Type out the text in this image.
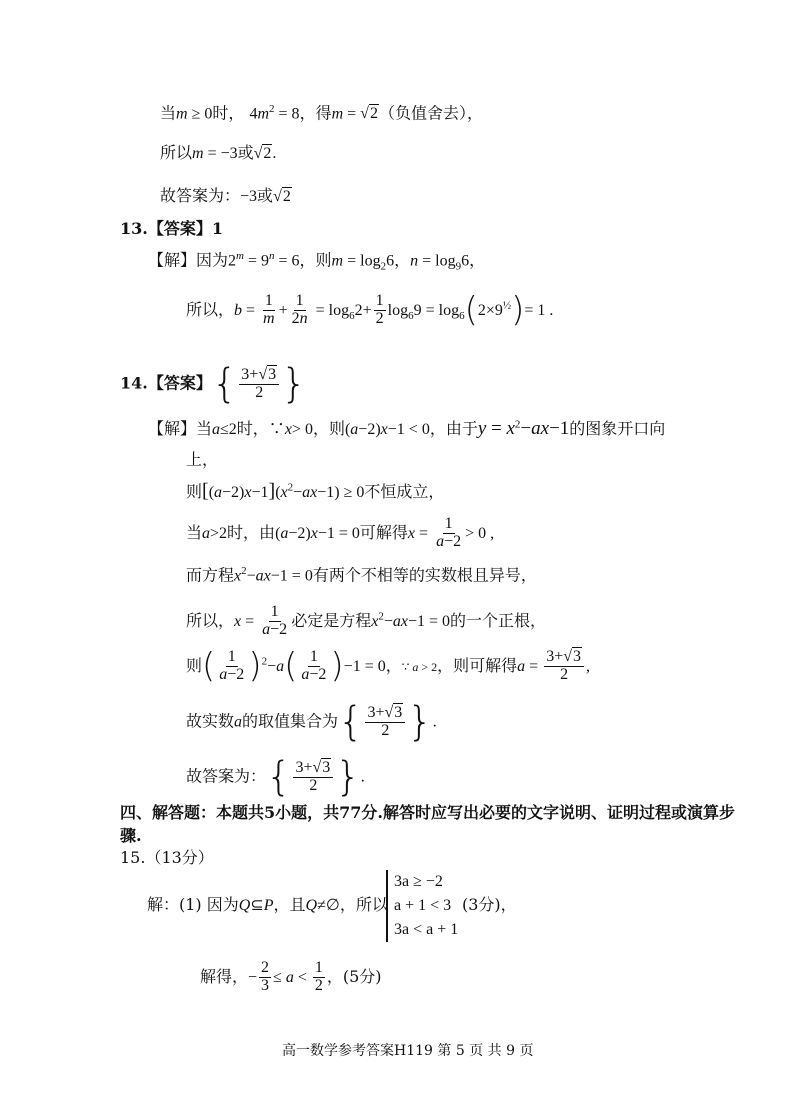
当m ≥ 0时， $4m^2 = 8$，得m = √2（负值舍去），
所以m = −3或√2.
故答案为：−3或√2
13.【答案】1
【解】因为$2^m = 9^n = 6$，则$m = \log_26$，$n = \log_96$，
所以，$b = \frac{1}{m} + \frac{1}{2n} = \log_62+ \frac{1}{2} \log_69 = \log_6(2\times 9^{\frac{1}{2}})= 1$ .
14.【答案】{ $\frac{3+√3}{2}$ }
【解】当a≤2时，∵x> 0，则(a−2)x−1 < 0，由于$y = x^2-ax-1$的图象开口向
上，
则$[(a-2)x-1](x^2-ax-1) \ge 0$不恒成立，
当a>2时，由(a−2)x−1 = 0可解得$x = \frac{1}{a-2} > 0$ ,
而方程$x^2-ax-1 = 0$有两个不相等的实数根且异号，
所以，$x = \frac{1}{a-2}$ 必定是方程$x^2-ax-1 = 0$的一个正根，
则( $\frac{1}{a-2} )^2-a( \frac{1}{a-2} )-1 = 0$，∵ a > 2，则可解得$a = \frac{3+√3}{2}$ ,
故实数a的取值集合为{ $\frac{3+√3}{2}$ }.
故答案为：{ $\frac{3+√3}{2}$ }.
四、解答题：本题共5小题，共77分.解答时应写出必要的文字说明、证明过程或演算步
骤.
15.（13分）
解：(1) 因为Q⊆P，且Q≠∅，所以
3a ≥ −2
a + 1 < 3
3a < a + 1
(3分)，
解得，− $\frac{2}{3} \le a < \frac{1}{2}$ ，(5分)
高一数学参考答案H119 第 5 页 共 9 页
